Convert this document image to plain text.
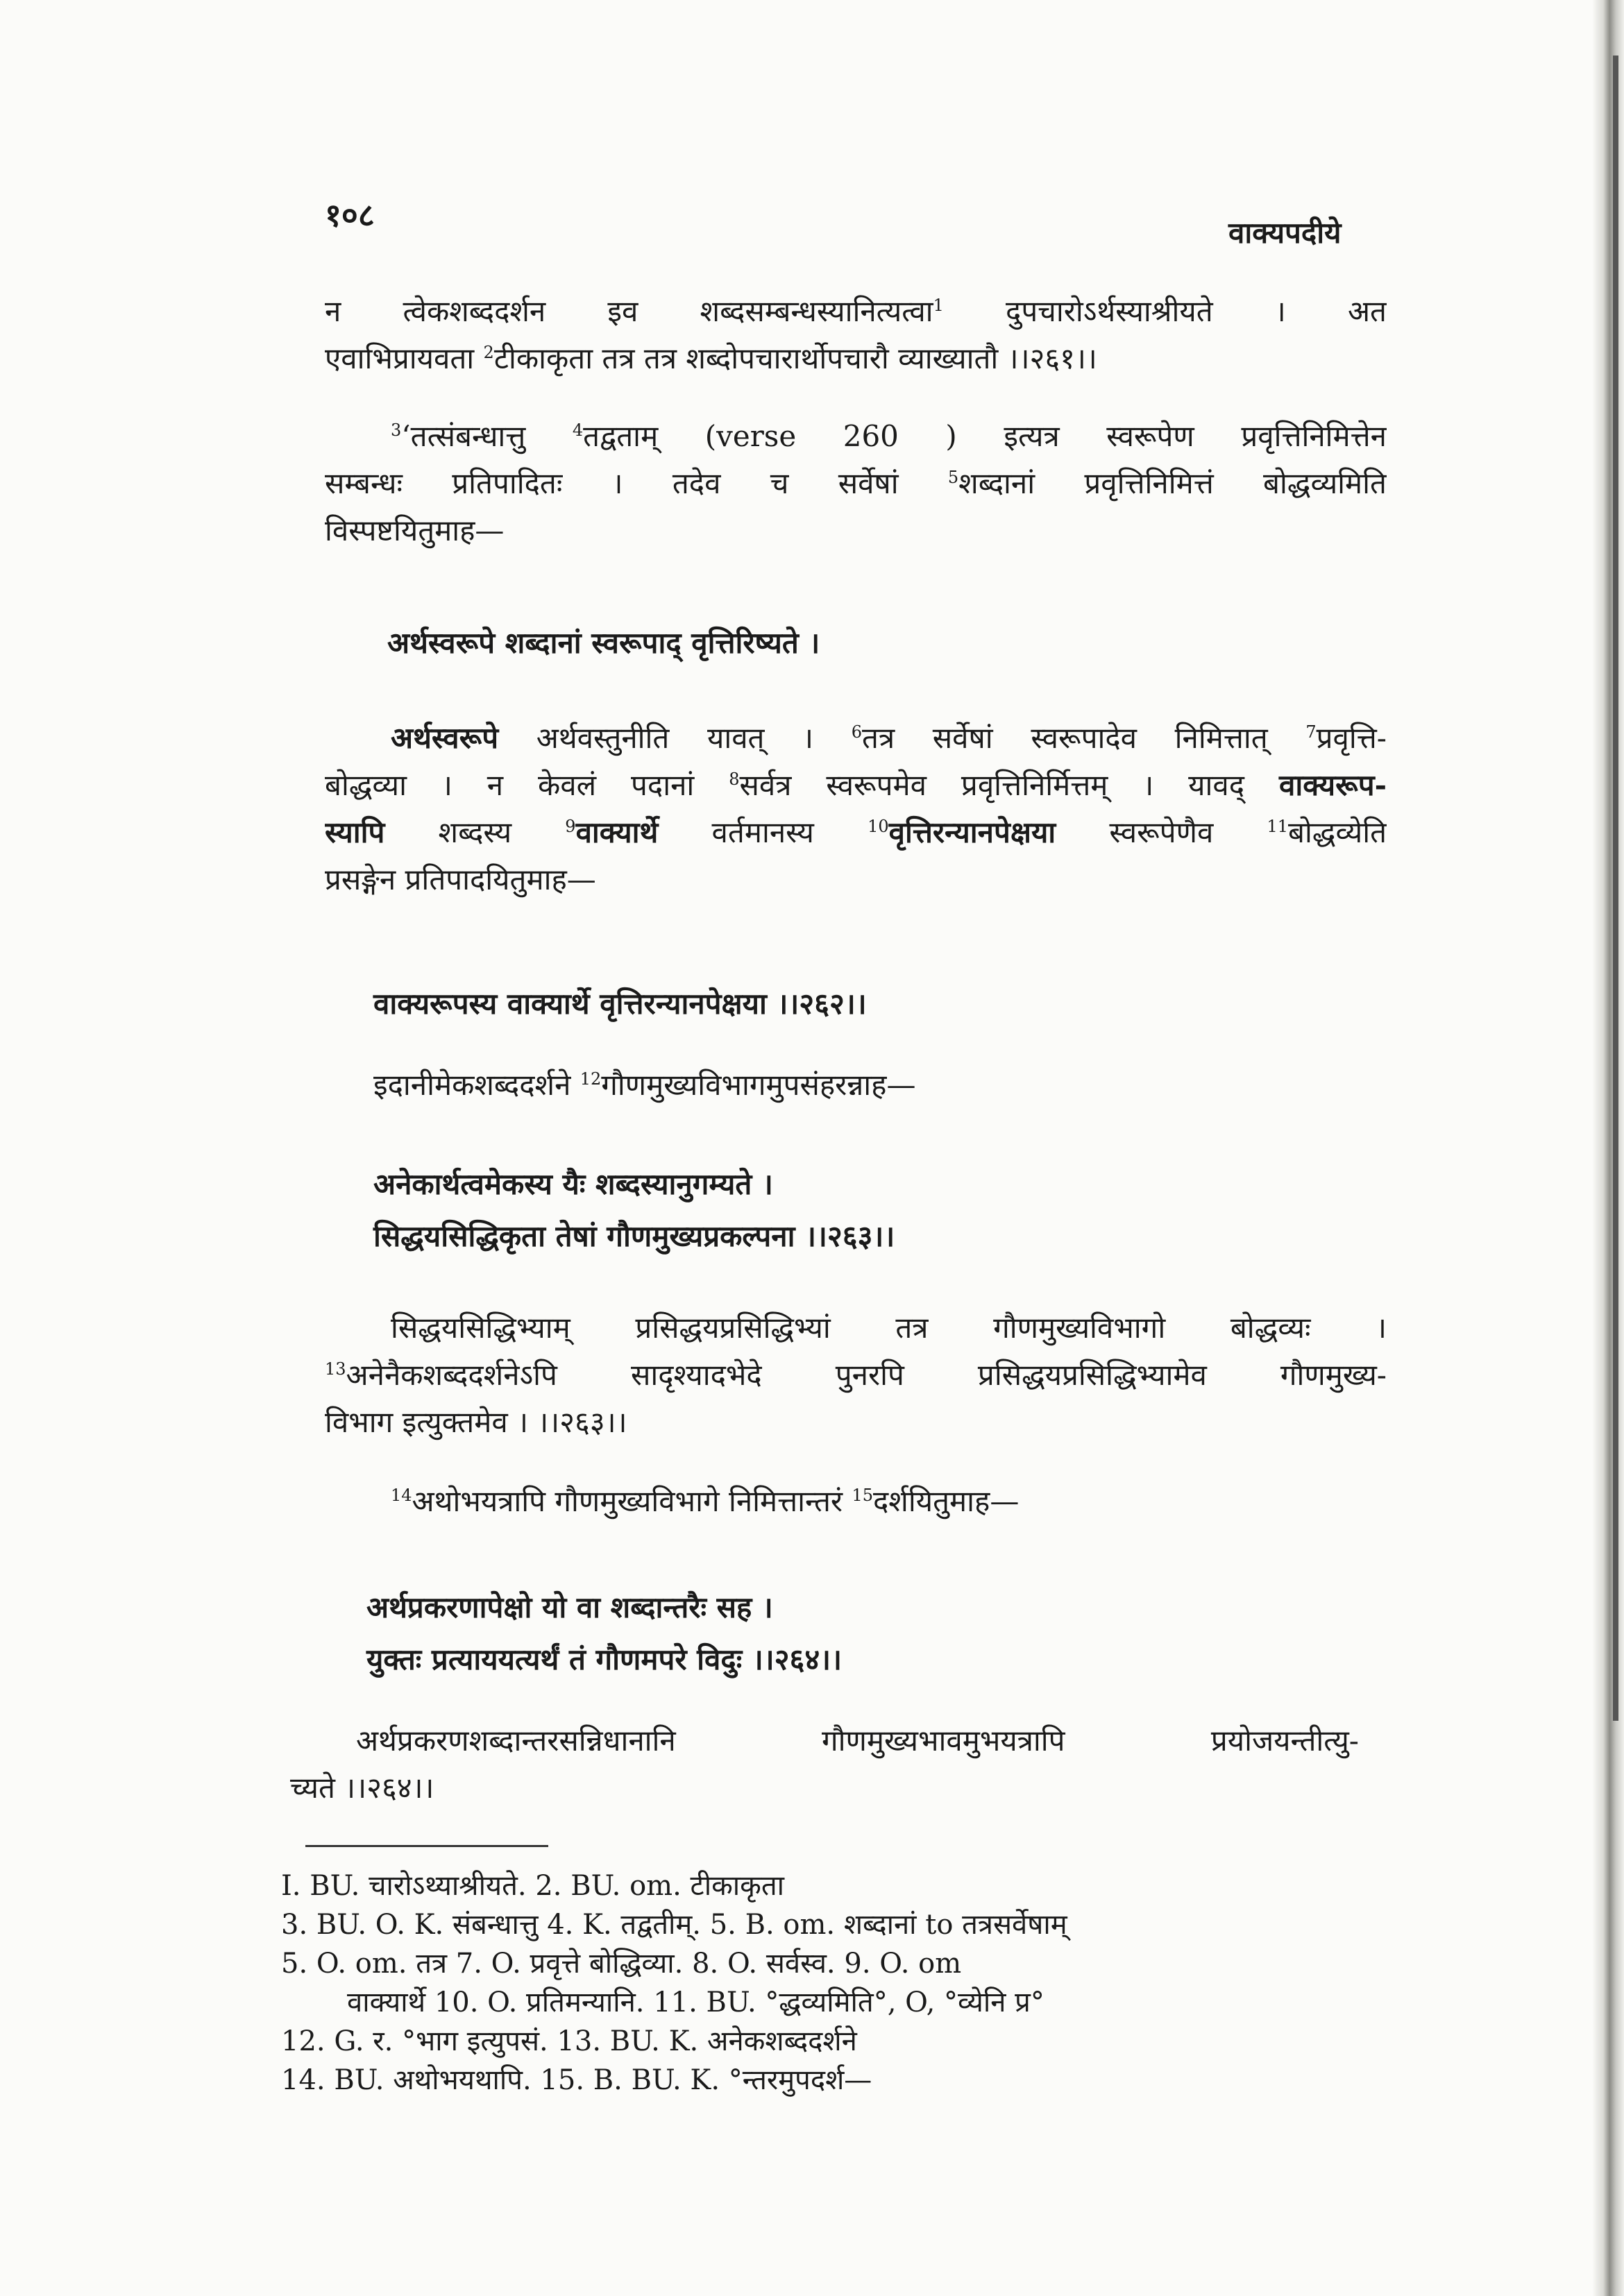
१०८	वाक्यपदीये
न त्वेकशब्ददर्शन इव शब्दसम्बन्धस्यानित्यत्वा$^1$ दुपचारोऽर्थस्याश्रीयते । अत
एवाभिप्रायवता $^2$टीकाकृता तत्र तत्र शब्दोपचारार्थोपचारौ व्याख्यातौ ।।२६१।।
$^3$‘तत्संबन्धात्तु $^4$तद्वताम् (verse 260 ) इत्यत्र स्वरूपेण प्रवृत्तिनिमित्तेन
सम्बन्धः प्रतिपादितः । तदेव च सर्वेषां $^5$शब्दानां प्रवृत्तिनिमित्तं बोद्धव्यमिति
विस्पष्टयितुमाह—
अर्थस्वरूपे शब्दानां स्वरूपाद् वृत्तिरिष्यते ।
अर्थस्वरूपे अर्थवस्तुनीति यावत् । $^6$तत्र सर्वेषां स्वरूपादेव निमित्तात् $^7$प्रवृत्ति-
बोद्धव्या । न केवलं पदानां $^8$सर्वत्र स्वरूपमेव प्रवृत्तिनिर्मित्तम् । यावद् वाक्यरूप-
स्यापि शब्दस्य $^9$वाक्यार्थे वर्तमानस्य $^{10}$वृत्तिरन्यानपेक्षया स्वरूपेणैव $^{11}$बोद्धव्येति
प्रसङ्गेन प्रतिपादयितुमाह—
वाक्यरूपस्य वाक्यार्थे वृत्तिरन्यानपेक्षया ।।२६२।।
इदानीमेकशब्ददर्शने $^{12}$गौणमुख्यविभागमुपसंहरन्नाह—
अनेकार्थत्वमेकस्य यैः शब्दस्यानुगम्यते ।
सिद्धयसिद्धिकृता तेषां गौणमुख्यप्रकल्पना ।।२६३।।
सिद्धयसिद्धिभ्याम् प्रसिद्धयप्रसिद्धिभ्यां तत्र गौणमुख्यविभागो बोद्धव्यः ।
$^{13}$अनेनैकशब्ददर्शनेऽपि सादृश्यादभेदे पुनरपि प्रसिद्धयप्रसिद्धिभ्यामेव गौणमुख्य-
विभाग इत्युक्तमेव । ।।२६३।।
$^{14}$अथोभयत्रापि गौणमुख्यविभागे निमित्तान्तरं $^{15}$दर्शयितुमाह—
अर्थप्रकरणापेक्षो यो वा शब्दान्तरैः सह ।
युक्तः प्रत्याययत्यर्थं तं गौणमपरे विदुः ।।२६४।।
अर्थप्रकरणशब्दान्तरसन्निधानानि गौणमुख्यभावमुभयत्रापि प्रयोजयन्तीत्यु-
च्यते ।।२६४।।
I. BU. चारोऽथ्याश्रीयते. 2. BU. om. टीकाकृता
3. BU. O. K. संबन्धात्तु 4. K. तद्वतीम्. 5. B. om. शब्दानां to तत्रसर्वेषाम्
5. O. om. तत्र 7. O. प्रवृत्ते बोद्धिव्या. 8. O. सर्वस्व. 9. O. om
वाक्यार्थे 10. O. प्रतिमन्यानि. 11. BU. °द्धव्यमिति°, O, °व्येनि प्र°
12. G. र. °भाग इत्युपसं. 13. BU. K. अनेकशब्ददर्शने
14. BU. अथोभयथापि. 15. B. BU. K. °न्तरमुपदर्श—
